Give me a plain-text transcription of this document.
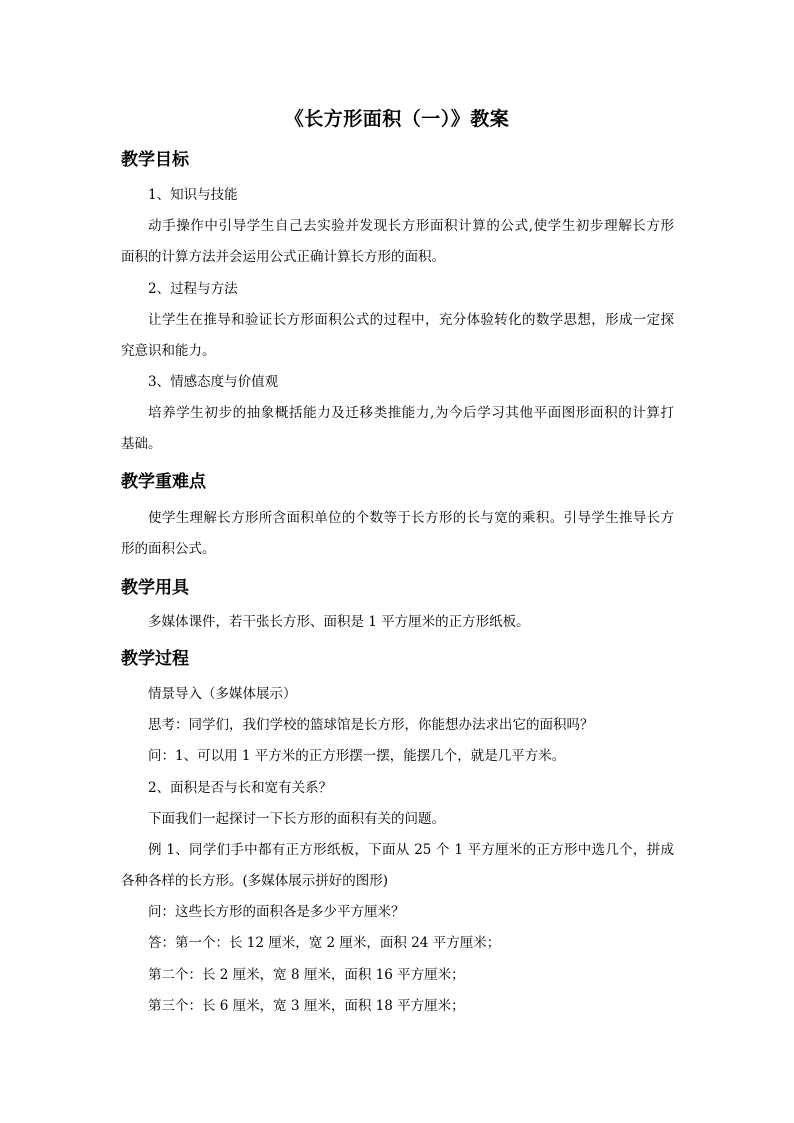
《长方形面积（一）》教案
教学目标
1、知识与技能
动手操作中引导学生自己去实验并发现长方形面积计算的公式,使学生初步理解长方形
面积的计算方法并会运用公式正确计算长方形的面积。
2、过程与方法
让学生在推导和验证长方形面积公式的过程中，充分体验转化的数学思想，形成一定探
究意识和能力。
3、情感态度与价值观
培养学生初步的抽象概括能力及迁移类推能力,为今后学习其他平面图形面积的计算打
基础。
教学重难点
使学生理解长方形所含面积单位的个数等于长方形的长与宽的乘积。引导学生推导长方
形的面积公式。
教学用具
多媒体课件，若干张长方形、面积是 1 平方厘米的正方形纸板。
教学过程
情景导入（多媒体展示）
思考：同学们，我们学校的篮球馆是长方形，你能想办法求出它的面积吗？
问：1、可以用 1 平方米的正方形摆一摆，能摆几个，就是几平方米。
2、面积是否与长和宽有关系？
下面我们一起探讨一下长方形的面积有关的问题。
例 1、同学们手中都有正方形纸板，下面从 25 个 1 平方厘米的正方形中选几个，拼成
各种各样的长方形。(多媒体展示拼好的图形)
问：这些长方形的面积各是多少平方厘米？
答：第一个：长 12 厘米，宽 2 厘米，面积 24 平方厘米；
第二个：长 2 厘米，宽 8 厘米，面积 16 平方厘米；
第三个：长 6 厘米，宽 3 厘米，面积 18 平方厘米；
